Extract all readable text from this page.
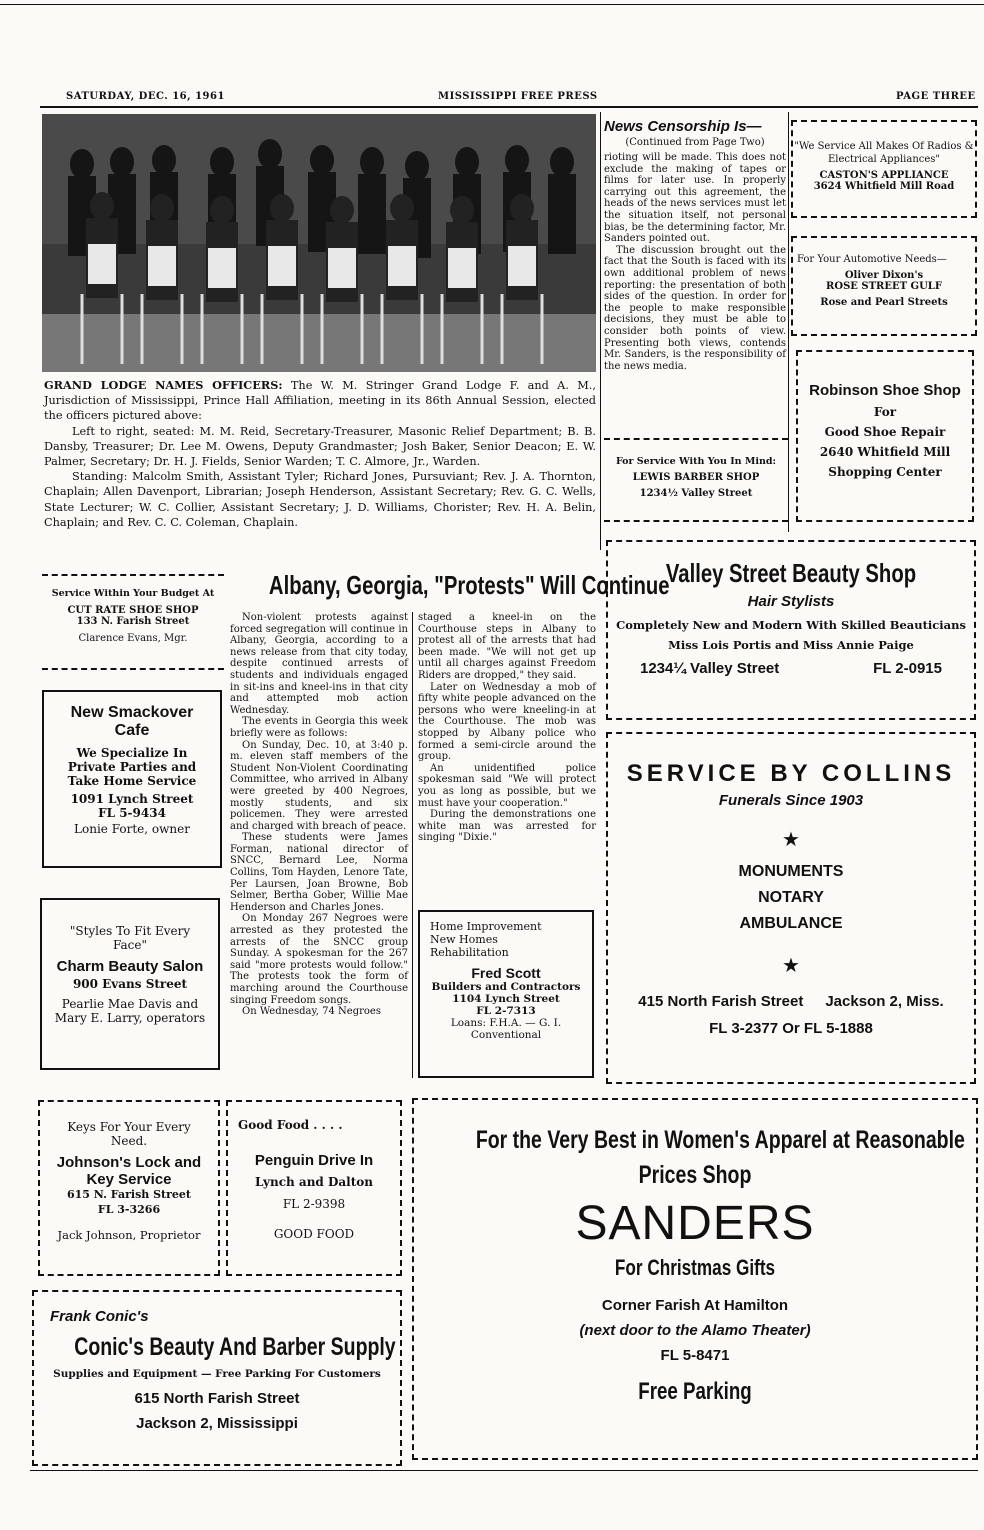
SATURDAY, DEC. 16, 1961	MISSISSIPPI FREE PRESS	PAGE THREE

GRAND LODGE NAMES OFFICERS: The W. M. Stringer Grand Lodge F. and A. M., Jurisdiction of Mississippi, Prince Hall Affiliation, meeting in its 86th Annual Session, elected the officers pictured above:

Left to right, seated: M. M. Reid, Secretary-Treasurer, Masonic Relief Department; B. B. Dansby, Treasurer; Dr. Lee M. Owens, Deputy Grandmaster; Josh Baker, Senior Deacon; E. W. Palmer, Secretary; Dr. H. J. Fields, Senior Warden; T. C. Almore, Jr., Warden.

Standing: Malcolm Smith, Assistant Tyler; Richard Jones, Pursuviant; Rev. J. A. Thornton, Chaplain; Allen Davenport, Librarian; Joseph Henderson, Assistant Secretary; Rev. G. C. Wells, State Lecturer; W. C. Collier, Assistant Secretary; J. D. Williams, Chorister; Rev. H. A. Belin, Chaplain; and Rev. C. C. Coleman, Chaplain.

News Censorship Is—
(Continued from Page Two)

rioting will be made. This does not exclude the making of tapes or films for later use. In properly carrying out this agreement, the heads of the news services must let the situation itself, not personal bias, be the determining factor, Mr. Sanders pointed out.

The discussion brought out the fact that the South is faced with its own additional problem of news reporting: the presentation of both sides of the question. In order for the people to make responsible decisions, they must be able to consider both points of view. Presenting both views, contends Mr. Sanders, is the responsibility of the news media.

"We Service All Makes Of Radios & Electrical Appliances"
CASTON'S APPLIANCE
3624 Whitfield Mill Road
For Your Automotive Needs—
Oliver Dixon's
ROSE STREET GULF
Rose and Pearl Streets
Robinson Shoe Shop
For
Good Shoe Repair
2640 Whitfield Mill
Shopping Center
For Service With You In Mind:
LEWIS BARBER SHOP
1234½ Valley Street
Service Within Your Budget At
CUT RATE SHOE SHOP
133 N. Farish Street
Clarence Evans, Mgr.
New Smackover
Cafe
We Specialize In
Private Parties and
Take Home Service
1091 Lynch Street
FL 5-9434
Lonie Forte, owner
"Styles To Fit Every
Face"
Charm Beauty Salon
900 Evans Street
Pearlie Mae Davis and
Mary E. Larry, operators
Albany, Georgia, "Protests" Will Continue

Non-violent protests against forced segregation will continue in Albany, Georgia, according to a news release from that city today, despite continued arrests of students and individuals engaged in sit-ins and kneel-ins in that city and attempted mob action Wednesday.

The events in Georgia this week briefly were as follows:

On Sunday, Dec. 10, at 3:40 p. m. eleven staff members of the Student Non-Violent Coordinating Committee, who arrived in Albany were greeted by 400 Negroes, mostly students, and six policemen. They were arrested and charged with breach of peace.

These students were James Forman, national director of SNCC, Bernard Lee, Norma Collins, Tom Hayden, Lenore Tate, Per Laursen, Joan Browne, Bob Selmer, Bertha Gober, Willie Mae Henderson and Charles Jones.

On Monday 267 Negroes were arrested as they protested the arrests of the SNCC group Sunday. A spokesman for the 267 said "more protests would follow." The protests took the form of marching around the Courthouse singing Freedom songs.

On Wednesday, 74 Negroes

staged a kneel-in on the Courthouse steps in Albany to protest all of the arrests that had been made. "We will not get up until all charges against Freedom Riders are dropped," they said.

Later on Wednesday a mob of fifty white people advanced on the persons who were kneeling-in at the Courthouse. The mob was stopped by Albany police who formed a semi-circle around the group.

An unidentified police spokesman said "We will protect you as long as possible, but we must have your cooperation."

During the demonstrations one white man was arrested for singing "Dixie."

Home Improvement
New Homes
Rehabilitation
Fred Scott
Builders and Contractors
1104 Lynch Street
FL 2-7313
Loans: F.H.A. — G. I.
Conventional
Valley Street Beauty Shop
Hair Stylists
Completely New and Modern With Skilled Beauticians
Miss Lois Portis and Miss Annie Paige
1234¼ Valley Street	FL 2-0915
SERVICE BY COLLINS
Funerals Since 1903
★
MONUMENTS
NOTARY
AMBULANCE
★
415 North Farish Street Jackson 2, Miss.
FL 3-2377 Or FL 5-1888
Keys For Your Every
Need.
Johnson's Lock and
Key Service
615 N. Farish Street
FL 3-3266
Jack Johnson, Proprietor
Good Food . . . .
Penguin Drive In
Lynch and Dalton
FL 2-9398
GOOD FOOD
Frank Conic's
Conic's Beauty And Barber Supply
Supplies and Equipment — Free Parking For Customers
615 North Farish Street
Jackson 2, Mississippi
For the Very Best in Women's Apparel at Reasonable
Prices Shop
SANDERS
For Christmas Gifts
Corner Farish At Hamilton
(next door to the Alamo Theater)
FL 5-8471
Free Parking
